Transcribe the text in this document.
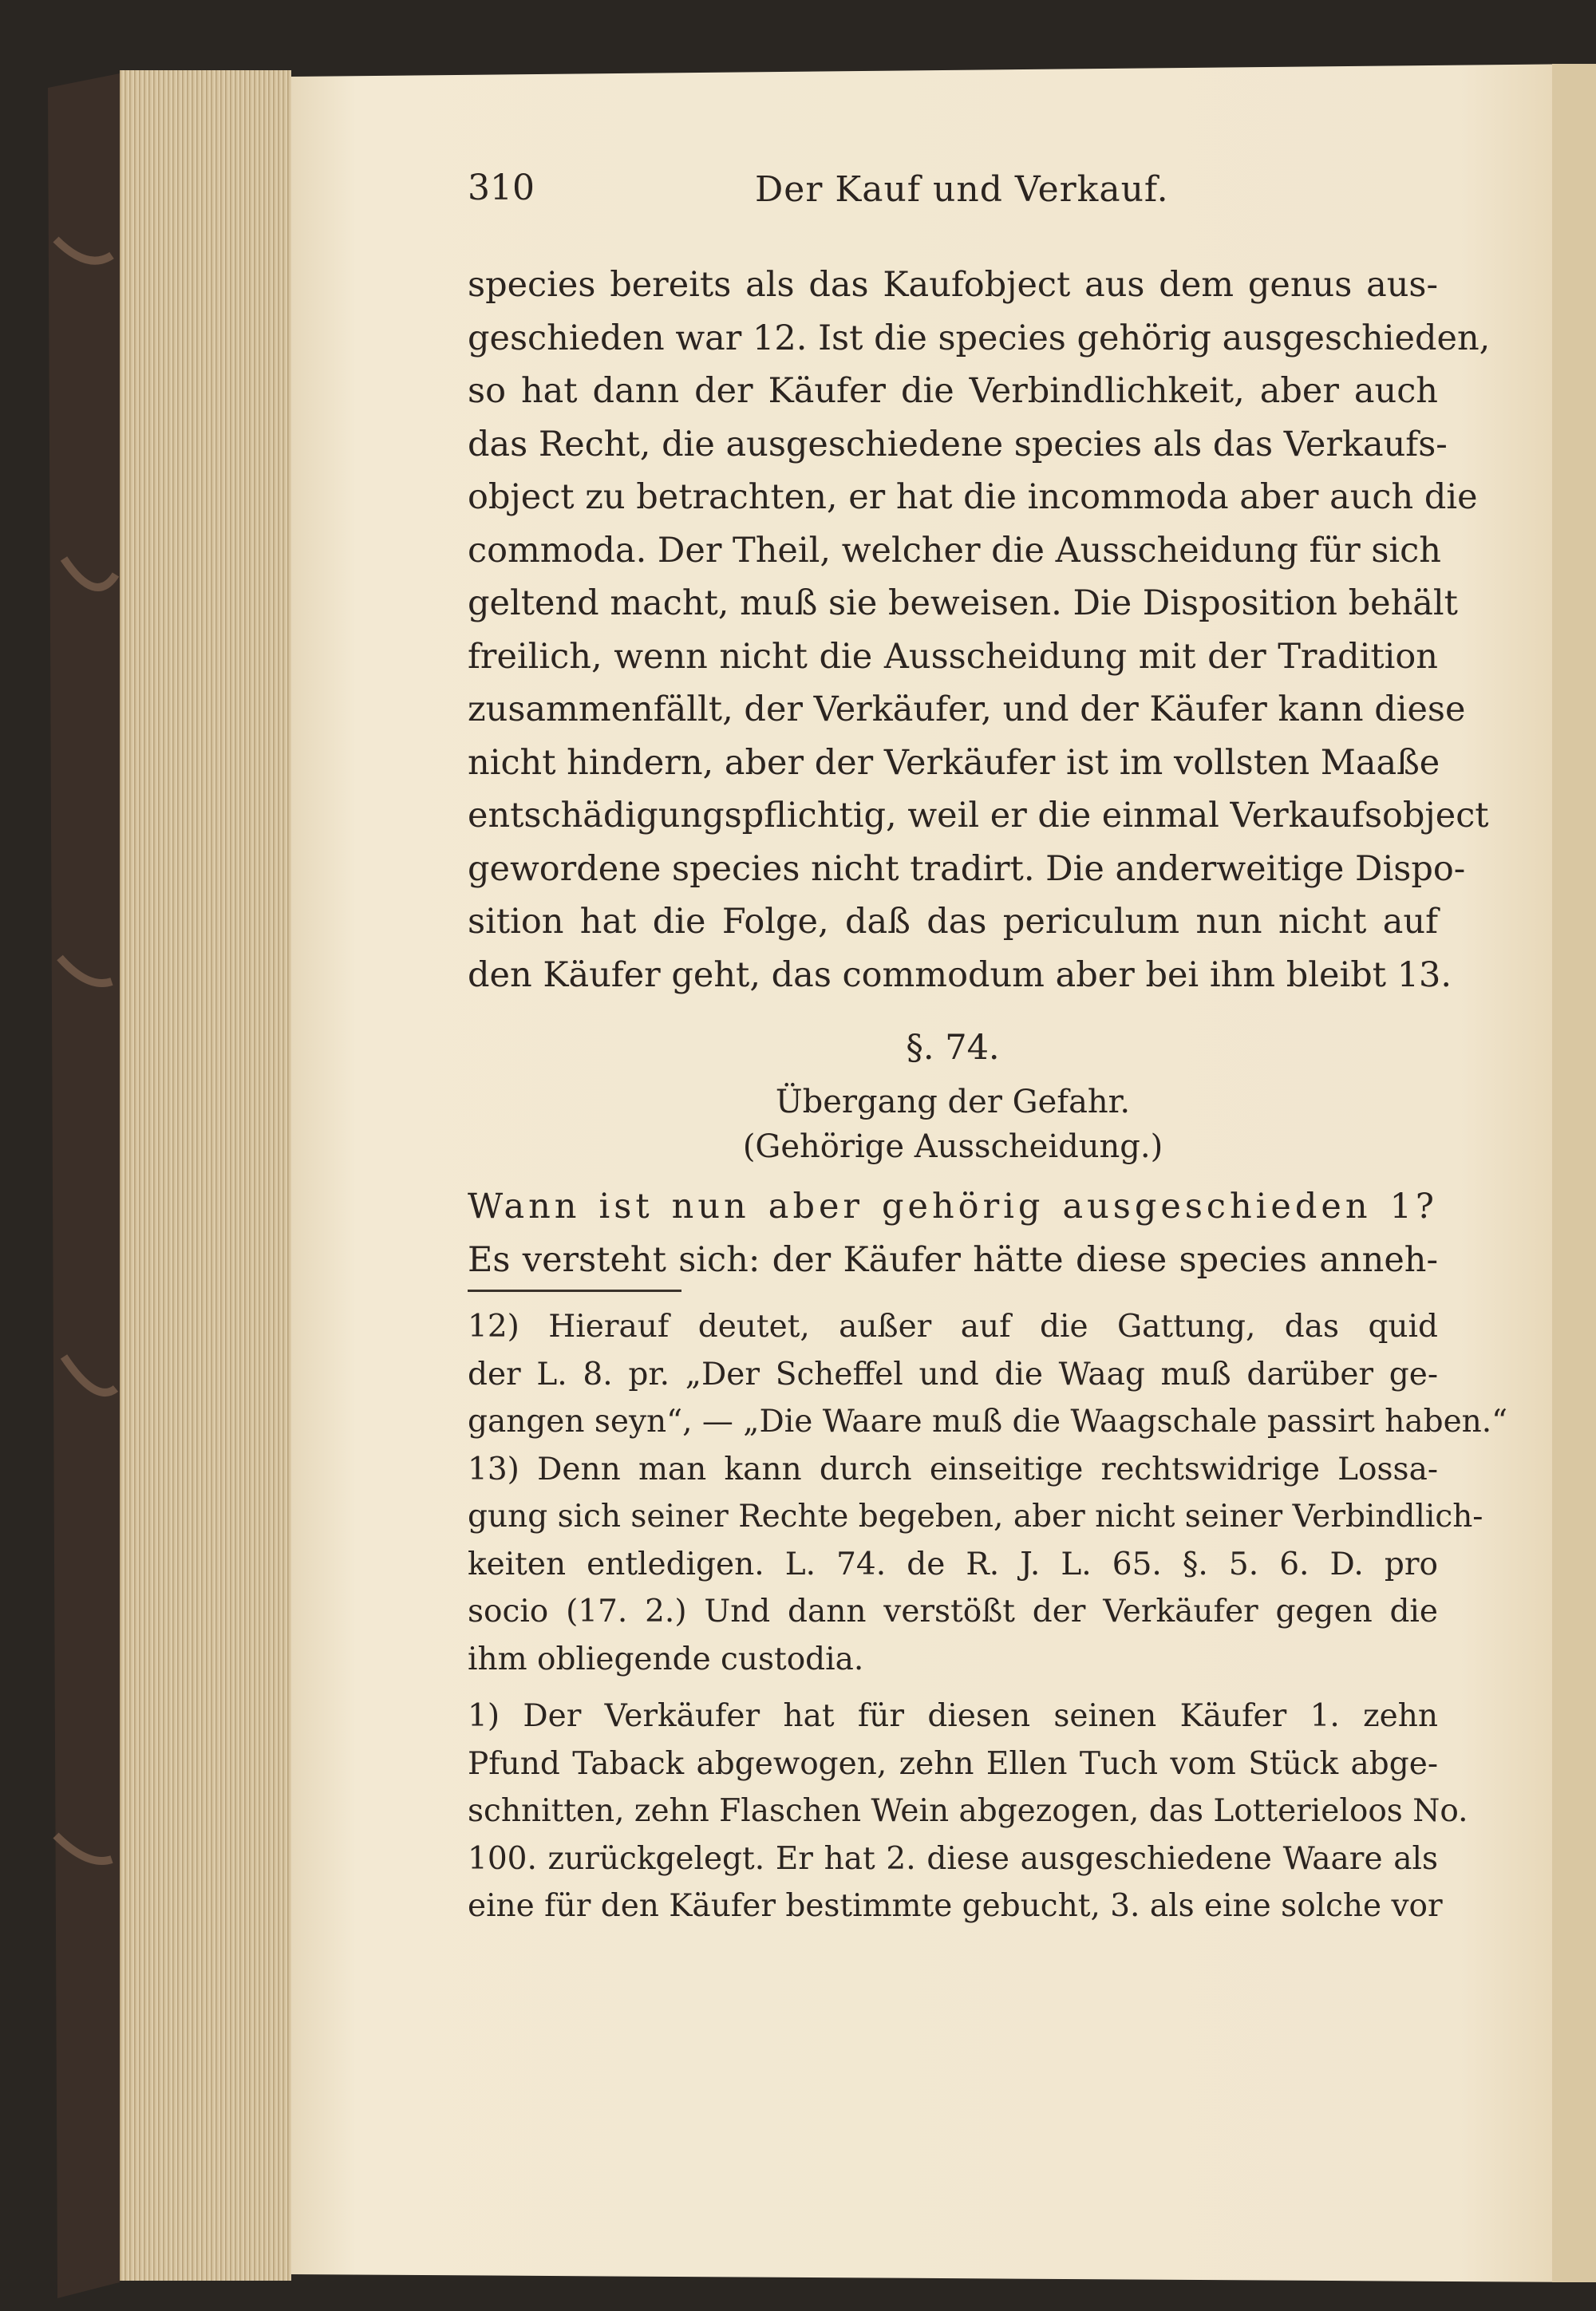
310	Der Kauf und Verkauf.
species bereits als das Kaufobject aus dem genus aus-
geschieden war 12. Ist die species gehörig ausgeschieden,
so hat dann der Käufer die Verbindlichkeit, aber auch
das Recht, die ausgeschiedene species als das Verkaufs-
object zu betrachten, er hat die incommoda aber auch die
commoda. Der Theil, welcher die Ausscheidung für sich
geltend macht, muß sie beweisen. Die Disposition behält
freilich, wenn nicht die Ausscheidung mit der Tradition
zusammenfällt, der Verkäufer, und der Käufer kann diese
nicht hindern, aber der Verkäufer ist im vollsten Maaße
entschädigungspflichtig, weil er die einmal Verkaufsobject
gewordene species nicht tradirt. Die anderweitige Dispo-
sition hat die Folge, daß das periculum nun nicht auf
den Käufer geht, das commodum aber bei ihm bleibt 13.
§. 74.
Übergang der Gefahr.
(Gehörige Ausscheidung.)
Wann ist nun aber gehörig ausgeschieden 1?
Es versteht sich: der Käufer hätte diese species anneh-
12) Hierauf deutet, außer auf die Gattung, das quid
der L. 8. pr. „Der Scheffel und die Waag muß darüber ge-
gangen seyn“, — „Die Waare muß die Waagschale passirt haben.“
13) Denn man kann durch einseitige rechtswidrige Lossa-
gung sich seiner Rechte begeben, aber nicht seiner Verbindlich-
keiten entledigen. L. 74. de R. J. L. 65. §. 5. 6. D. pro
socio (17. 2.) Und dann verstößt der Verkäufer gegen die
ihm obliegende custodia.
1) Der Verkäufer hat für diesen seinen Käufer 1. zehn
Pfund Taback abgewogen, zehn Ellen Tuch vom Stück abge-
schnitten, zehn Flaschen Wein abgezogen, das Lotterieloos No.
100. zurückgelegt. Er hat 2. diese ausgeschiedene Waare als
eine für den Käufer bestimmte gebucht, 3. als eine solche vor
